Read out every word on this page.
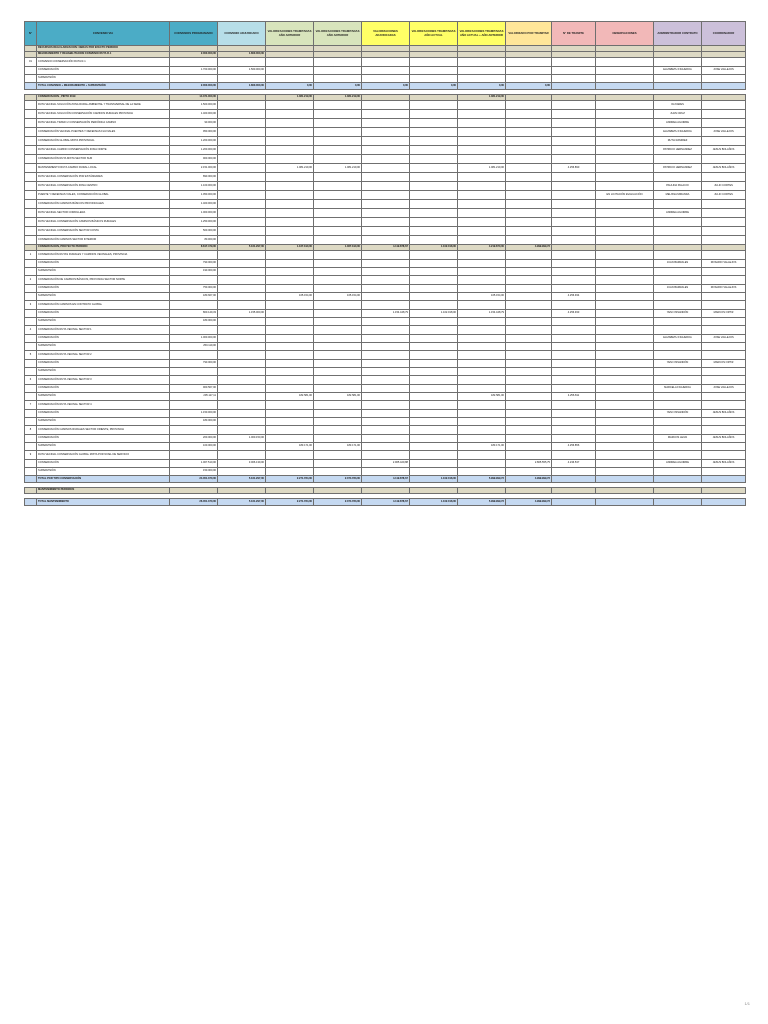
N°	CONVENIO VIA	CONVENIOS PROGRAMADO	CONVENIO ADJUDICADO	VALORIZACIONES TRAMITADAS AÑO ANTERIOR	VALORIZACIONES TRAMITADAS AÑO ANTERIOR	VALORIZACIONES ADJUDICADAS	VALORIZACIONES TRAMITADAS AÑO ACTUAL	VALORIZACIONES TRAMITADAS AÑO ACTUAL + AÑO ANTERIOR	VALORIZADO POR TRAMITAR	N° DE TRAMITE	OBSERVACIONES	ADMINISTRADOR CONTRATO	COORDINADOR
	RECURSOS REGULARIZACIÓN: OBRAS POR EFECTO PERIODO												
	MEJORAMIENTO Y REHABILITACIÓN CONVENIO RUTA R-1	2.000.000,00	1.800.000,00										
01	CONVENIO CONSERVACIÓN RUTA R-1												
	CONSERVACIÓN	1.700.000,00	1.560.000,00									ELIZABETH FIGUEROA	JOSE VALLEJOS
	SUPERVISIÓN												
	TOTAL CONVENIO + MEJORAMIENTO + SUPERVISIÓN	2.000.000,00	1.800.000,00	0,00	0,00	0,00	0,00	0,00	0,00				

	CONSERVACIÓN , PINTO 2019	14.371.000,00		1.081.219,00	1.081.219,00			1.081.219,00					
	RUTA VECINAL SOLUCIÓN ZONA RURAL AMBIENTAL Y TRANSVERSAL DE LA SEDE	1.500.000,00										OLIVARES	
	RUTA VECINAL SOLUCIÓN CONSERVACIÓN CAMINOS RURALES PROVINCIA	1.400.000,00										JUAN CRUZ	
	RUTA VECINAL TRAMO 2 CONSERVACIÓN PERIÓDICA CAMINO	90.000,00										ANDREA AGUIRRE	
	CONSERVACIÓN VECINAL PUENTES Y DEFENSAS FLUVIALES	950.000,00										ELIZABETH FIGUEROA	JOSE VALLEJOS
	CONSERVACIÓN GLOBAL MIXTA PROVINCIAL	1.200.000,00										RUTH RAMIREZ	
	RUTA VECINAL CAMINO CONSERVACIÓN ZONA NORTE	1.200.000,00										PATRICIO HERNANDEZ	JESUS BOLAÑOS
	CONSERVACIÓN RUTA MIXTA SECTOR SUR	900.000,00											
	MANTENIMIENTO RUTA CAMINO RURAL LOCAL	2.151.000,00		1.081.219,00	1.081.219,00			1.081.219,00		4.256.890		PATRICIO HERNANDEZ	JESUS BOLAÑOS
	RUTA VECINAL CONSERVACIÓN POR ESTÁNDARES	890.000,00											
	RUTA VECINAL CONSERVACIÓN ZONA CENTRO	1.100.000,00										PAULINA PALACIO	JULIO CORTES
	PUENTE Y DEFENSAS VIALES, CONSERVACIÓN GLOBAL	1.050.000,00									EN LICITACIÓN EVALUACIÓN	MELISSA MIRANDA	JULIO CORTES
	CONSERVACIÓN CAMINOS BÁSICOS PROVINCIALES	1.400.000,00											
	RUTA VECINAL SECTOR CORDILLERA	1.000.000,00										ANDREA AGUIRRE	
	RUTA VECINAL CONSERVACIÓN CAMINOS BÁSICOS RURALES	1.250.000,00											
	RUTA VECINAL CONSERVACIÓN SECTOR COSTA	500.000,00											
	CONSERVACIÓN CAMINOS SECTOR INTERIOR	80.000,00											
	CONSERVACIÓN, PROYECTO PERIODO	8.817.479,00	5.161.297,00	1.167.190,00	1.067.190,00	4.119.878,67	1.102.018,00	4.219.870,00	4.999.999,72				
1	CONSERVACIÓN RUTAS RURALES Y CAMINOS VECINALES, PROVINCIA												
	CONSERVACIÓN	790.000,00										JUAN BARRALES	ROSARIO VALLEJOS
	SUPERVISIÓN	190.000,00											
2	CONSERVACIÓN DE CAMINOS BÁSICOS, PROVINCIA SECTOR NORTE												
	CONSERVACIÓN	750.000,00										JUAN BARRALES	ROSARIO VALLEJOS
	SUPERVISIÓN	180.667,00		165.154,00	165.154,00			165.154,00		4.256.934			
3	CONSERVACIÓN CAMINOS EN CONTRATO GLOBAL												
	CONSERVACIÓN	800.149,33	1.155.000,00			1.154.448,79	1.102.018,00	1.154.448,79		4.256.933		YENI OSSANDÓN	MARCOS ORTIZ
	SUPERVISIÓN	180.000,00											
4	CONSERVACIÓN RUTA VECINAL SECTOR 1												
	CONSERVACIÓN	1.000.000,00										ELIZABETH FIGUEROA	JOSE VALLEJOS
	SUPERVISIÓN	250.119,00											
5	CONSERVACIÓN RUTA VECINAL SECTOR 2												
	CONSERVACIÓN	790.000,00										YENI OSSANDÓN	MARCOS ORTIZ
	SUPERVISIÓN												
6	CONSERVACIÓN RUTA VECINAL SECTOR 3												
	CONSERVACIÓN	900.567,00										MARCELA FIGUEROA	JOSE VALLEJOS
	SUPERVISIÓN	205.117,11		182.581,00	182.581,00			182.581,00		4.256.811			
7	CONSERVACIÓN RUTA VECINAL SECTOR 4												
	CONSERVACIÓN	1.150.000,00										YENI OSSANDÓN	JESUS BOLAÑOS
	SUPERVISIÓN	180.000,00											
8	CONSERVACIÓN CAMINOS RURALES SECTOR ORIENTE, PROVINCIA												
	CONSERVACIÓN	200.000,00	1.000.150,00									MARCOS LEIVA	JESUS BOLAÑOS
	SUPERVISIÓN	100.000,00		183.171,00	183.171,00			183.171,00		4.256.856			
9	RUTA VECINAL CONSERVACIÓN GLOBAL MIXTA POR NIVEL DE SERVICIO												
	CONSERVACIÓN	1.007.510,00	3.006.139,00			2.965.429,88			2.805.555,75	4.236.537		ANDREA AGUIRRE	JESUS BOLAÑOS
	SUPERVISIÓN	150.000,00											
	TOTAL POR TIPO CONSERVACIÓN	24.351.370,00	5.161.297,00	2.271.784,00	2.074.783,00	4.119.878,67	1.102.018,00	5.999.999,72	4.999.999,72				

	MANTENIMIENTO PERIODOS												

	TOTAL MANTENIMIENTO	26.351.370,00	5.161.297,00	2.271.784,00	2.074.783,00	4.119.878,67	1.102.018,00	5.999.999,72	4.999.999,72				
1/1
